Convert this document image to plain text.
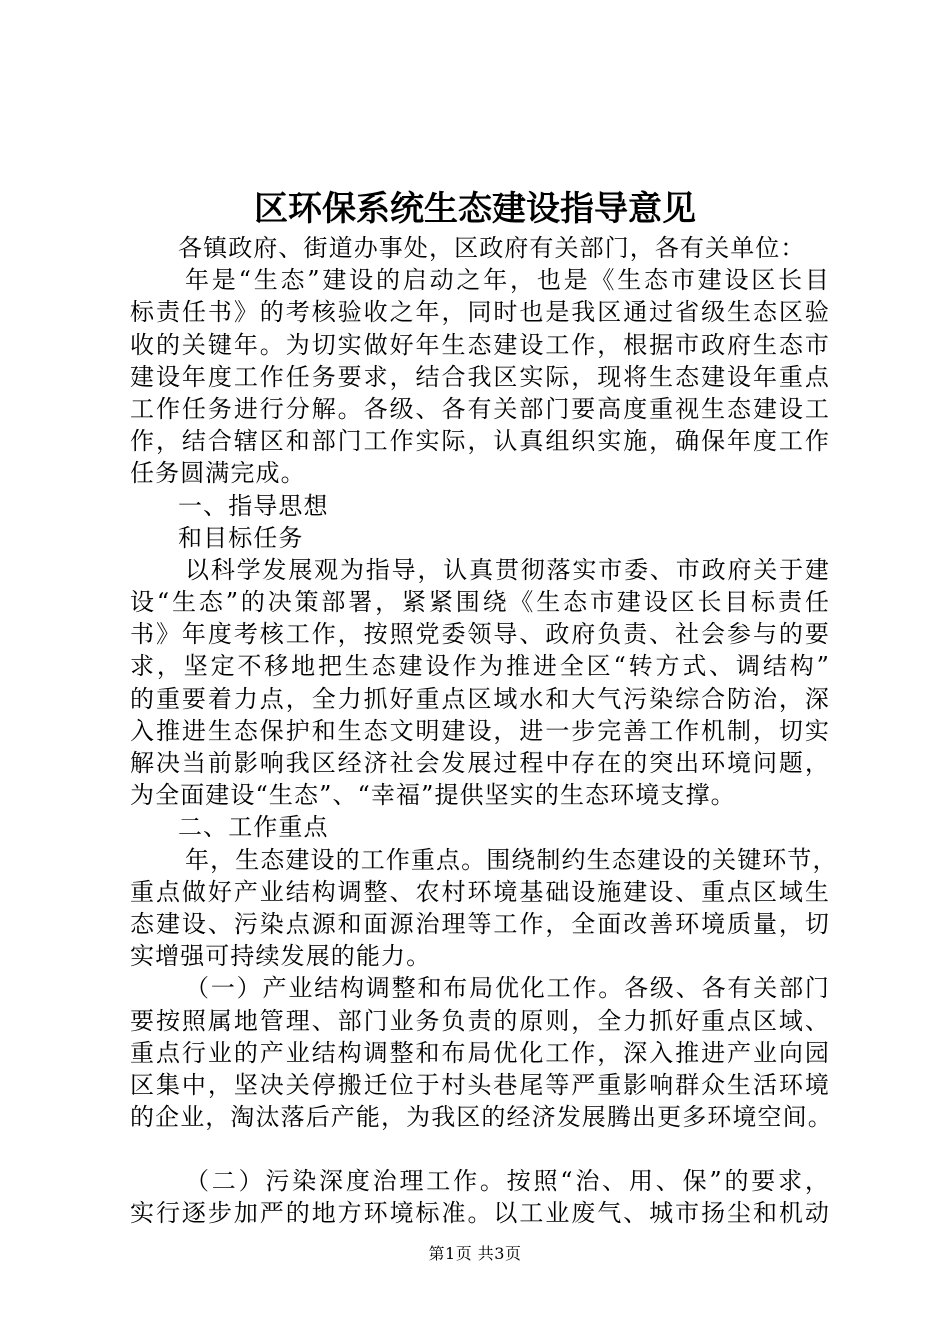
区环保系统生态建设指导意见
各镇政府、街道办事处，区政府有关部门，各有关单位：
年是“生态”建设的启动之年，也是《生态市建设区长目
标责任书》的考核验收之年，同时也是我区通过省级生态区验
收的关键年。为切实做好年生态建设工作，根据市政府生态市
建设年度工作任务要求，结合我区实际，现将生态建设年重点
工作任务进行分解。各级、各有关部门要高度重视生态建设工
作，结合辖区和部门工作实际，认真组织实施，确保年度工作
任务圆满完成。
一、指导思想
和目标任务
以科学发展观为指导，认真贯彻落实市委、市政府关于建
设“生态”的决策部署，紧紧围绕《生态市建设区长目标责任
书》年度考核工作，按照党委领导、政府负责、社会参与的要
求，坚定不移地把生态建设作为推进全区“转方式、调结构”
的重要着力点，全力抓好重点区域水和大气污染综合防治，深
入推进生态保护和生态文明建设，进一步完善工作机制，切实
解决当前影响我区经济社会发展过程中存在的突出环境问题，
为全面建设“生态”、“幸福”提供坚实的生态环境支撑。
二、工作重点
年，生态建设的工作重点。围绕制约生态建设的关键环节，
重点做好产业结构调整、农村环境基础设施建设、重点区域生
态建设、污染点源和面源治理等工作，全面改善环境质量，切
实增强可持续发展的能力。
（一）产业结构调整和布局优化工作。各级、各有关部门
要按照属地管理、部门业务负责的原则，全力抓好重点区域、
重点行业的产业结构调整和布局优化工作，深入推进产业向园
区集中，坚决关停搬迁位于村头巷尾等严重影响群众生活环境
的企业，淘汰落后产能，为我区的经济发展腾出更多环境空间。
（二）污染深度治理工作。按照“治、用、保”的要求，
实行逐步加严的地方环境标准。以工业废气、城市扬尘和机动
第1页 共3页
